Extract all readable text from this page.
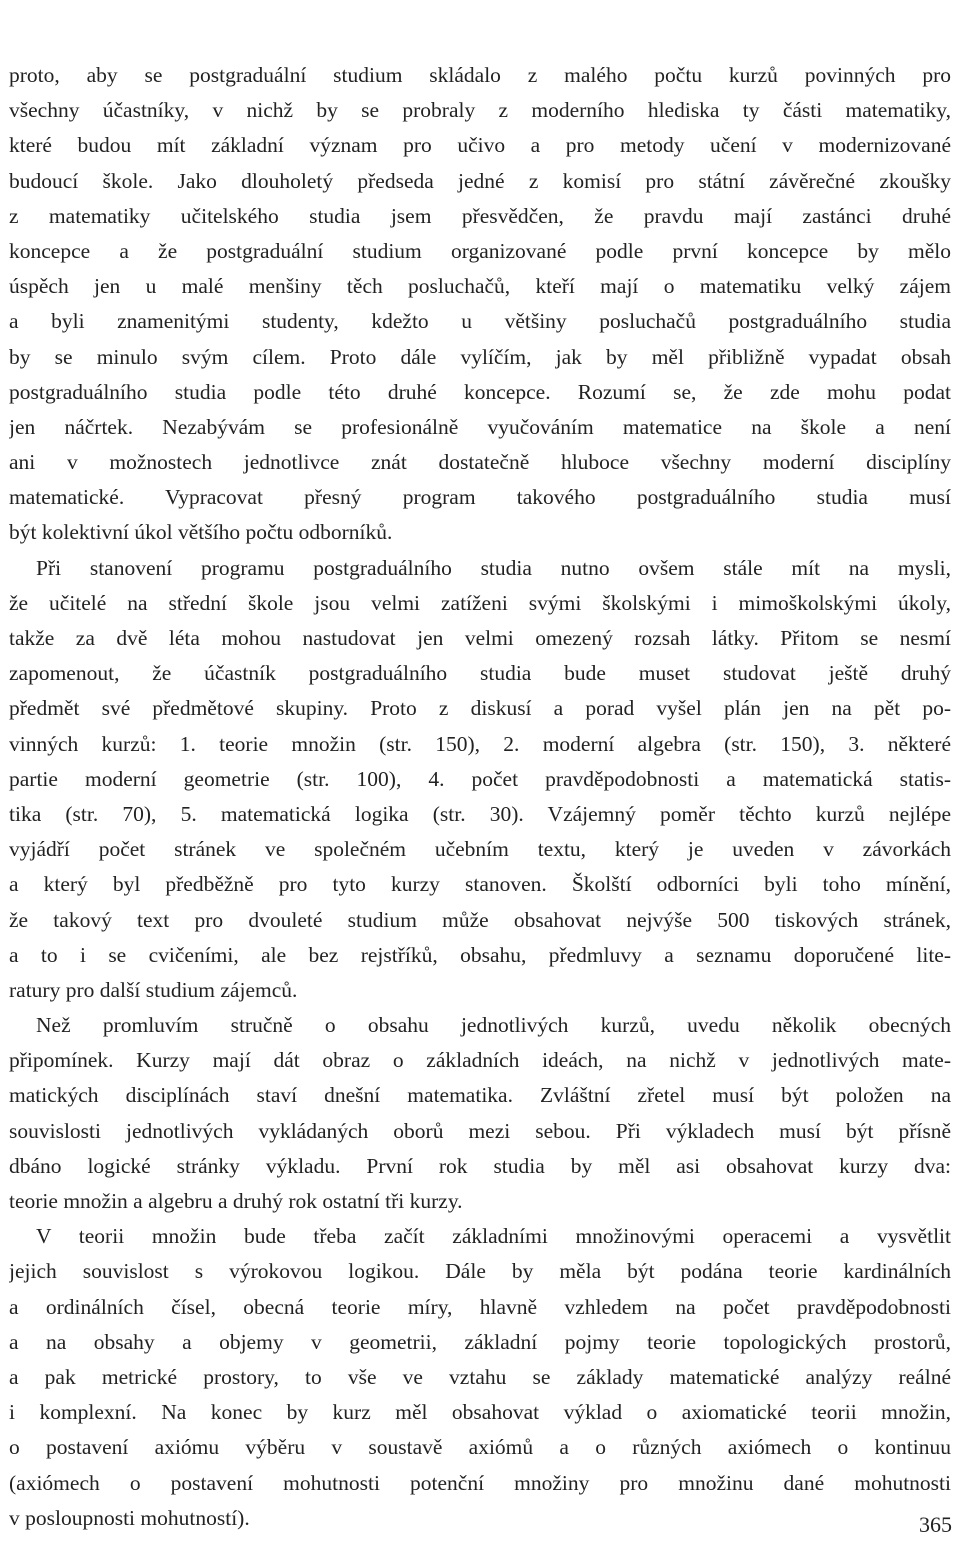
proto, aby se postgraduální studium skládalo z malého počtu kurzů povinných pro
všechny účastníky, v nichž by se probraly z moderního hlediska ty části matematiky,
které budou mít základní význam pro učivo a pro metody učení v modernizované
budoucí škole. Jako dlouholetý předseda jedné z komisí pro státní závěrečné zkoušky
z matematiky učitelského studia jsem přesvědčen, že pravdu mají zastánci druhé
koncepce a že postgraduální studium organizované podle první koncepce by mělo
úspěch jen u malé menšiny těch posluchačů, kteří mají o matematiku velký zájem
a byli znamenitými studenty, kdežto u většiny posluchačů postgraduálního studia
by se minulo svým cílem. Proto dále vylíčím, jak by měl přibližně vypadat obsah
postgraduálního studia podle této druhé koncepce. Rozumí se, že zde mohu podat
jen náčrtek. Nezabývám se profesionálně vyučováním matematice na škole a není
ani v možnostech jednotlivce znát dostatečně hluboce všechny moderní disciplíny
matematické. Vypracovat přesný program takového postgraduálního studia musí
být kolektivní úkol většího počtu odborníků.
Při stanovení programu postgraduálního studia nutno ovšem stále mít na mysli,
že učitelé na střední škole jsou velmi zatíženi svými školskými i mimoškolskými úkoly,
takže za dvě léta mohou nastudovat jen velmi omezený rozsah látky. Přitom se nesmí
zapomenout, že účastník postgraduálního studia bude muset studovat ještě druhý
předmět své předmětové skupiny. Proto z diskusí a porad vyšel plán jen na pět po-
vinných kurzů: 1. teorie množin (str. 150), 2. moderní algebra (str. 150), 3. některé
partie moderní geometrie (str. 100), 4. počet pravděpodobnosti a matematická statis-
tika (str. 70), 5. matematická logika (str. 30). Vzájemný poměr těchto kurzů nejlépe
vyjádří počet stránek ve společném učebním textu, který je uveden v závorkách
a který byl předběžně pro tyto kurzy stanoven. Školští odborníci byli toho mínění,
že takový text pro dvouleté studium může obsahovat nejvýše 500 tiskových stránek,
a to i se cvičeními, ale bez rejstříků, obsahu, předmluvy a seznamu doporučené lite-
ratury pro další studium zájemců.
Než promluvím stručně o obsahu jednotlivých kurzů, uvedu několik obecných
připomínek. Kurzy mají dát obraz o základních ideách, na nichž v jednotlivých mate-
matických disciplínách staví dnešní matematika. Zvláštní zřetel musí být položen na
souvislosti jednotlivých vykládaných oborů mezi sebou. Při výkladech musí být přísně
dbáno logické stránky výkladu. První rok studia by měl asi obsahovat kurzy dva:
teorie množin a algebru a druhý rok ostatní tři kurzy.
V teorii množin bude třeba začít základními množinovými operacemi a vysvětlit
jejich souvislost s výrokovou logikou. Dále by měla být podána teorie kardinálních
a ordinálních čísel, obecná teorie míry, hlavně vzhledem na počet pravděpodobnosti
a na obsahy a objemy v geometrii, základní pojmy teorie topologických prostorů,
a pak metrické prostory, to vše ve vztahu se základy matematické analýzy reálné
i komplexní. Na konec by kurz měl obsahovat výklad o axiomatické teorii množin,
o postavení axiómu výběru v soustavě axiómů a o různých axiómech o kontinuu
(axiómech o postavení mohutnosti potenční množiny pro množinu dané mohutnosti
v posloupnosti mohutností).	365
